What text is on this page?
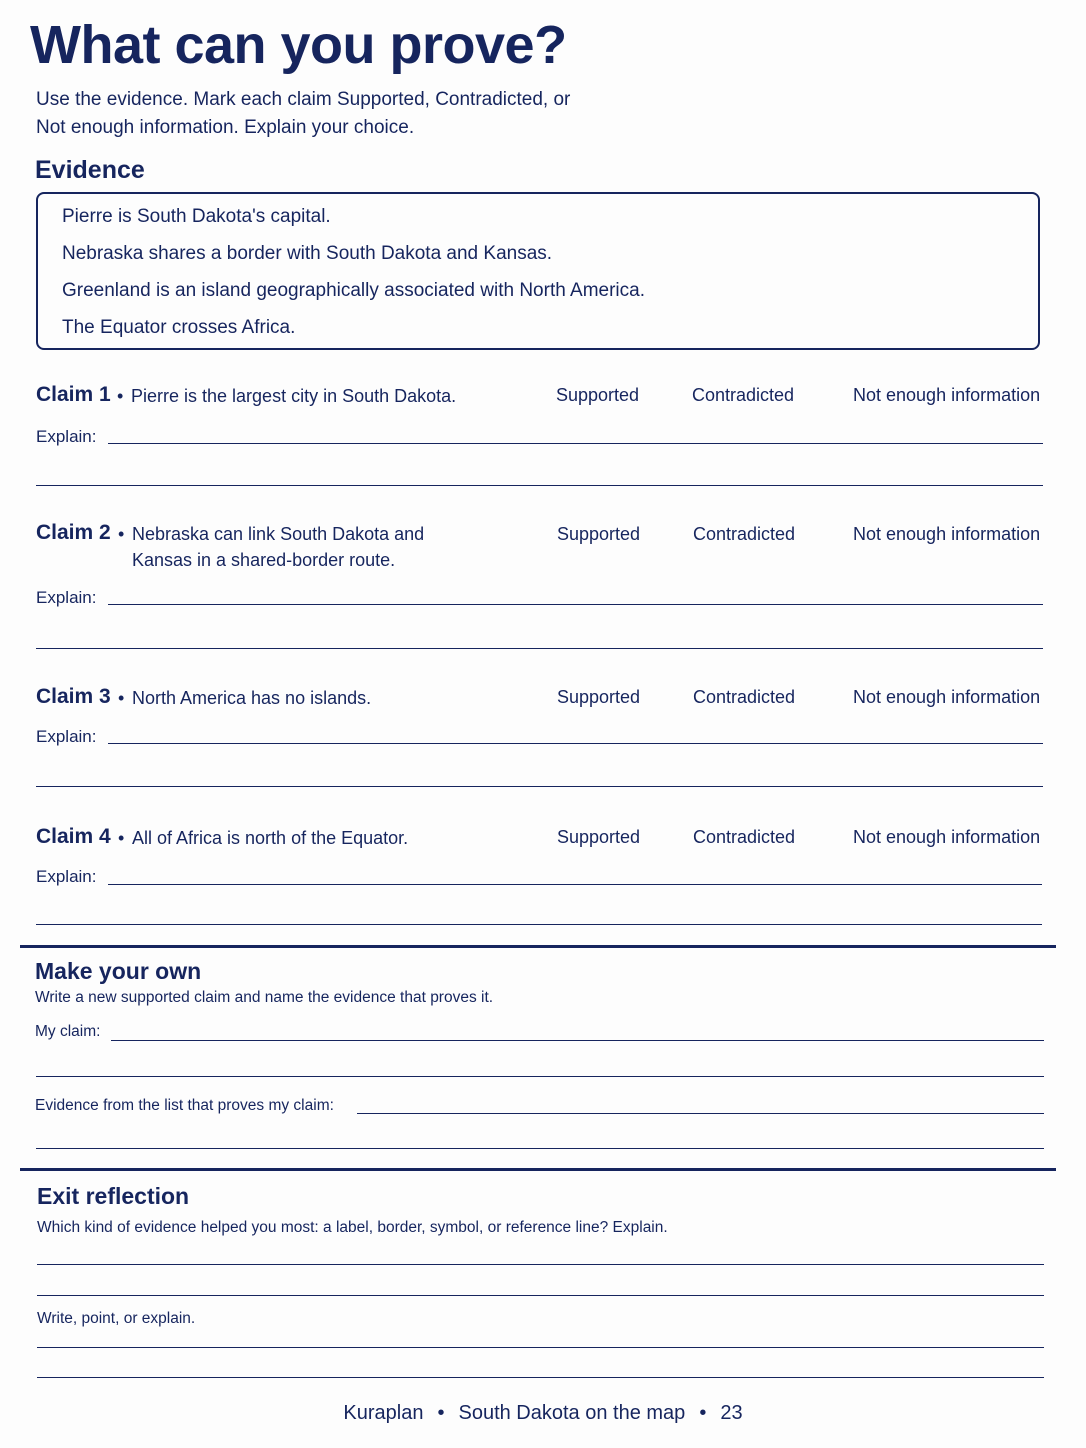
What can you prove?
Use the evidence. Mark each claim Supported, Contradicted, or
Not enough information. Explain your choice.
Evidence
Pierre is South Dakota's capital.
Nebraska shares a border with South Dakota and Kansas.
Greenland is an island geographically associated with North America.
The Equator crosses Africa.
Claim 1 • Pierre is the largest city in South Dakota.	Supported	Contradicted	Not enough information
Explain:
Claim 2 • Nebraska can link South Dakota and
Kansas in a shared-border route.
Supported	Contradicted	Not enough information
Explain:
Claim 3 • North America has no islands.	Supported	Contradicted	Not enough information
Explain:
Claim 4 • All of Africa is north of the Equator.	Supported	Contradicted	Not enough information
Explain:
Make your own
Write a new supported claim and name the evidence that proves it.
My claim:
Evidence from the list that proves my claim:
Exit reflection
Which kind of evidence helped you most: a label, border, symbol, or reference line? Explain.
Write, point, or explain.
Kuraplan • South Dakota on the map • 23
